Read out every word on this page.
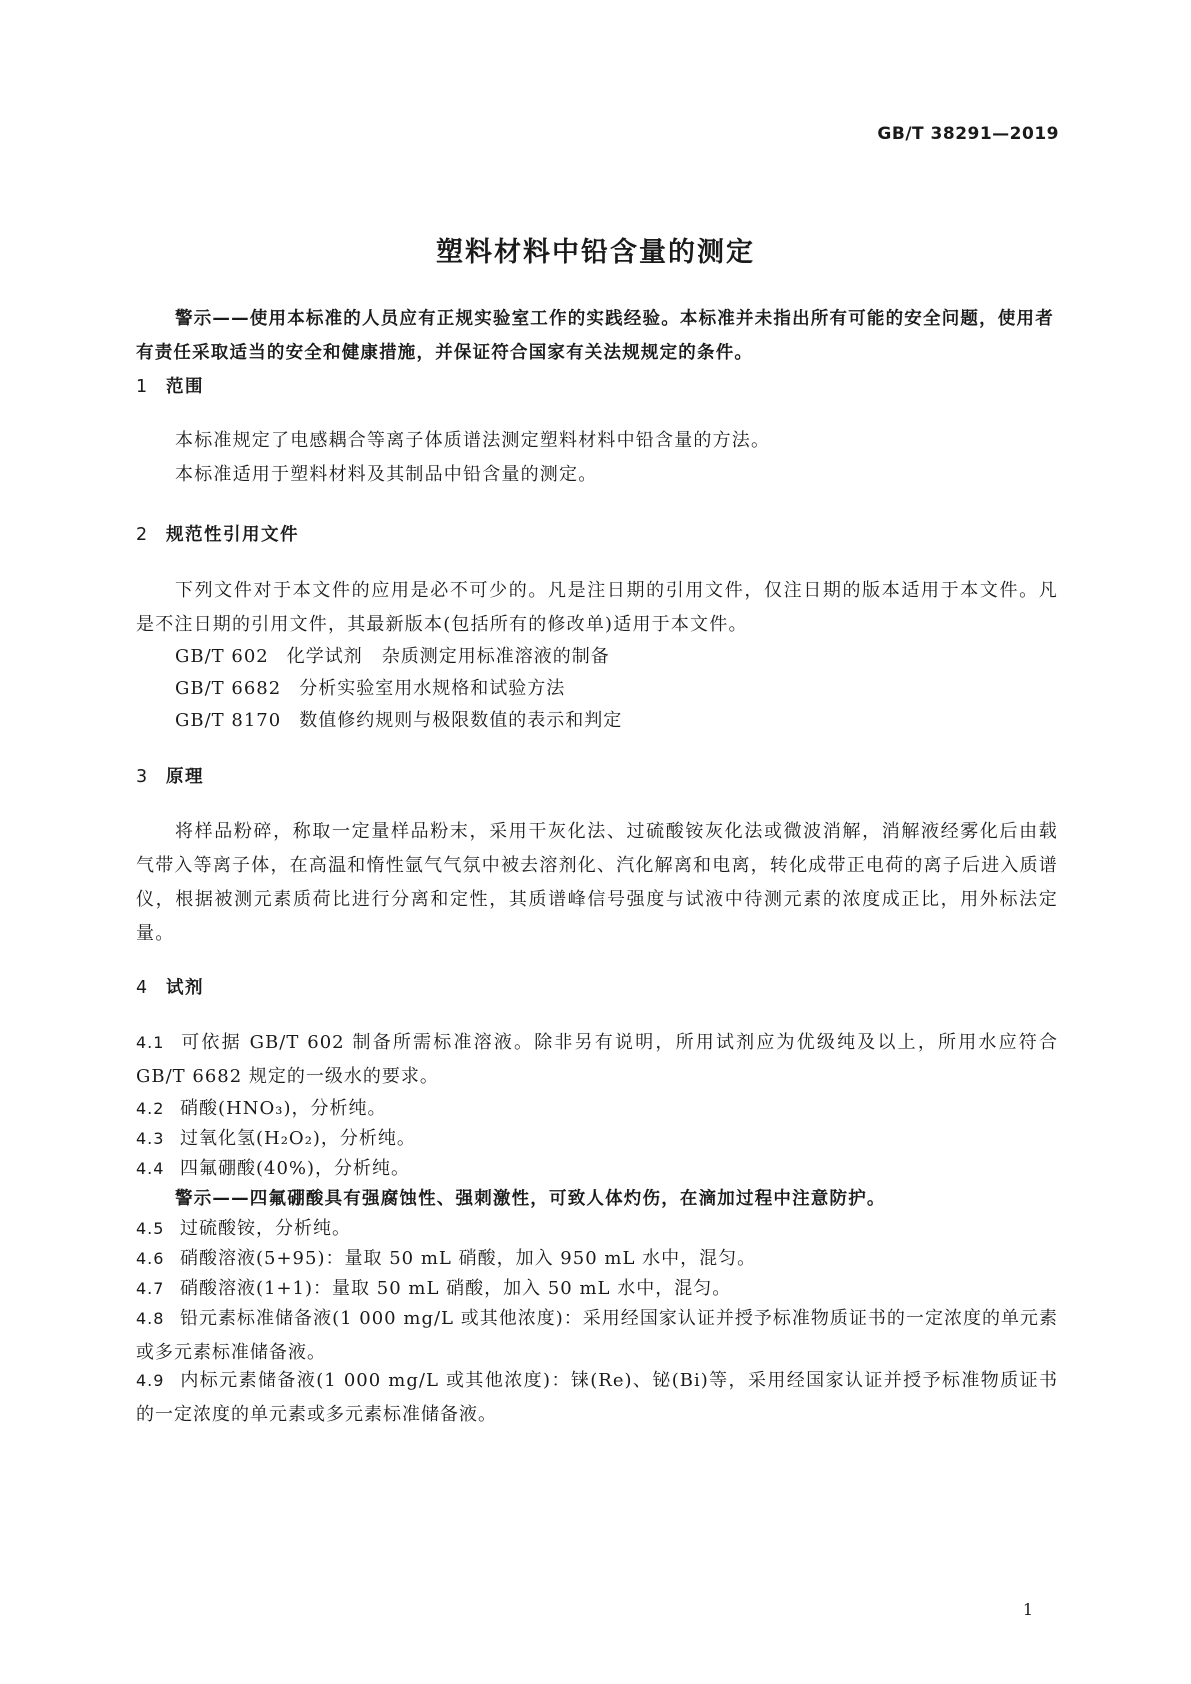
GB/T 38291—2019
塑料材料中铅含量的测定

警示——使用本标准的人员应有正规实验室工作的实践经验。本标准并未指出所有可能的安全问题，使用者有责任采取适当的安全和健康措施，并保证符合国家有关法规规定的条件。

1 范围

本标准规定了电感耦合等离子体质谱法测定塑料材料中铅含量的方法。

本标准适用于塑料材料及其制品中铅含量的测定。

2 规范性引用文件

下列文件对于本文件的应用是必不可少的。凡是注日期的引用文件，仅注日期的版本适用于本文件。凡是不注日期的引用文件，其最新版本(包括所有的修改单)适用于本文件。

GB/T 602 化学试剂　杂质测定用标准溶液的制备
GB/T 6682 分析实验室用水规格和试验方法
GB/T 8170 数值修约规则与极限数值的表示和判定
3 原理

将样品粉碎，称取一定量样品粉末，采用干灰化法、过硫酸铵灰化法或微波消解，消解液经雾化后由载气带入等离子体，在高温和惰性氩气气氛中被去溶剂化、汽化解离和电离，转化成带正电荷的离子后进入质谱仪，根据被测元素质荷比进行分离和定性，其质谱峰信号强度与试液中待测元素的浓度成正比，用外标法定量。

4 试剂
4.1 可依据 GB/T 602 制备所需标准溶液。除非另有说明，所用试剂应为优级纯及以上，所用水应符合 GB/T 6682 规定的一级水的要求。
4.2 硝酸(HNO₃)，分析纯。
4.3 过氧化氢(H₂O₂)，分析纯。
4.4 四氟硼酸(40%)，分析纯。
警示——四氟硼酸具有强腐蚀性、强刺激性，可致人体灼伤，在滴加过程中注意防护。
4.5 过硫酸铵，分析纯。
4.6 硝酸溶液(5+95)：量取 50 mL 硝酸，加入 950 mL 水中，混匀。
4.7 硝酸溶液(1+1)：量取 50 mL 硝酸，加入 50 mL 水中，混匀。
4.8 铅元素标准储备液(1 000 mg/L 或其他浓度)：采用经国家认证并授予标准物质证书的一定浓度的单元素或多元素标准储备液。
4.9 内标元素储备液(1 000 mg/L 或其他浓度)：铼(Re)、铋(Bi)等，采用经国家认证并授予标准物质证书的一定浓度的单元素或多元素标准储备液。
1
